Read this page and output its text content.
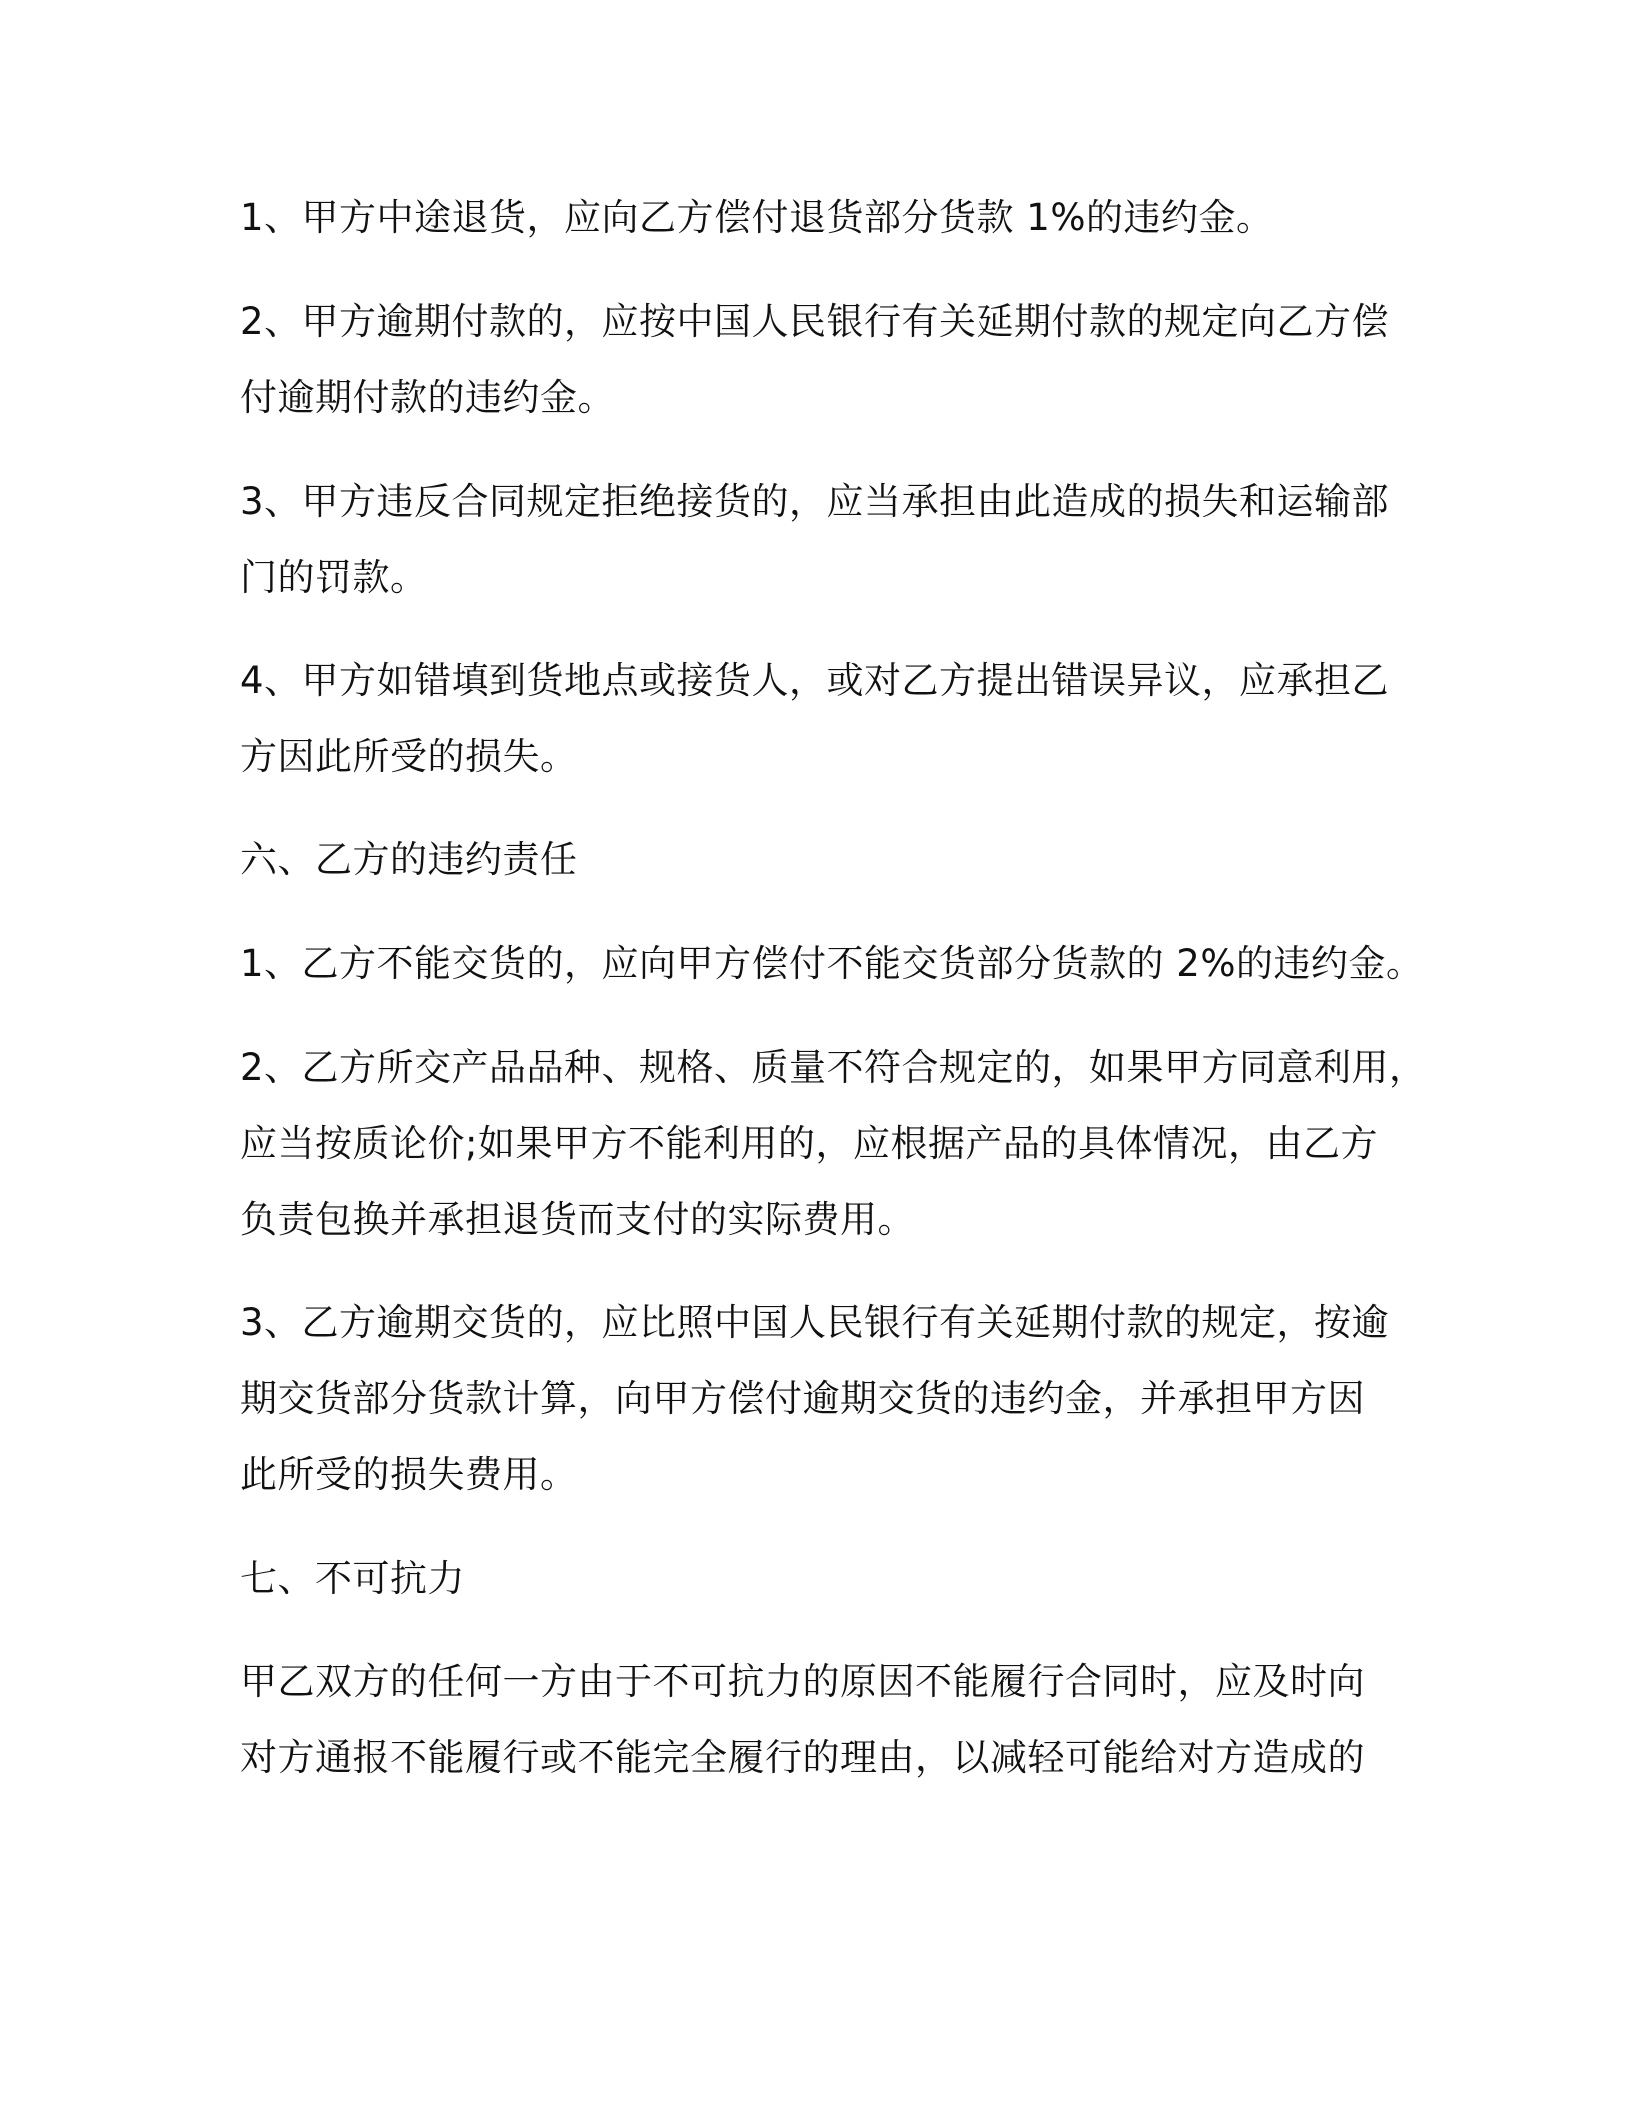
1、甲方中途退货，应向乙方偿付退货部分货款 1%的违约金。

2、甲方逾期付款的，应按中国人民银行有关延期付款的规定向乙方偿

付逾期付款的违约金。

3、甲方违反合同规定拒绝接货的，应当承担由此造成的损失和运输部

门的罚款。

4、甲方如错填到货地点或接货人，或对乙方提出错误异议，应承担乙

方因此所受的损失。

六、乙方的违约责任

1、乙方不能交货的，应向甲方偿付不能交货部分货款的 2%的违约金。

2、乙方所交产品品种、规格、质量不符合规定的，如果甲方同意利用，

应当按质论价;如果甲方不能利用的，应根据产品的具体情况，由乙方

负责包换并承担退货而支付的实际费用。

3、乙方逾期交货的，应比照中国人民银行有关延期付款的规定，按逾

期交货部分货款计算，向甲方偿付逾期交货的违约金，并承担甲方因

此所受的损失费用。

七、不可抗力

甲乙双方的任何一方由于不可抗力的原因不能履行合同时，应及时向

对方通报不能履行或不能完全履行的理由，以减轻可能给对方造成的
